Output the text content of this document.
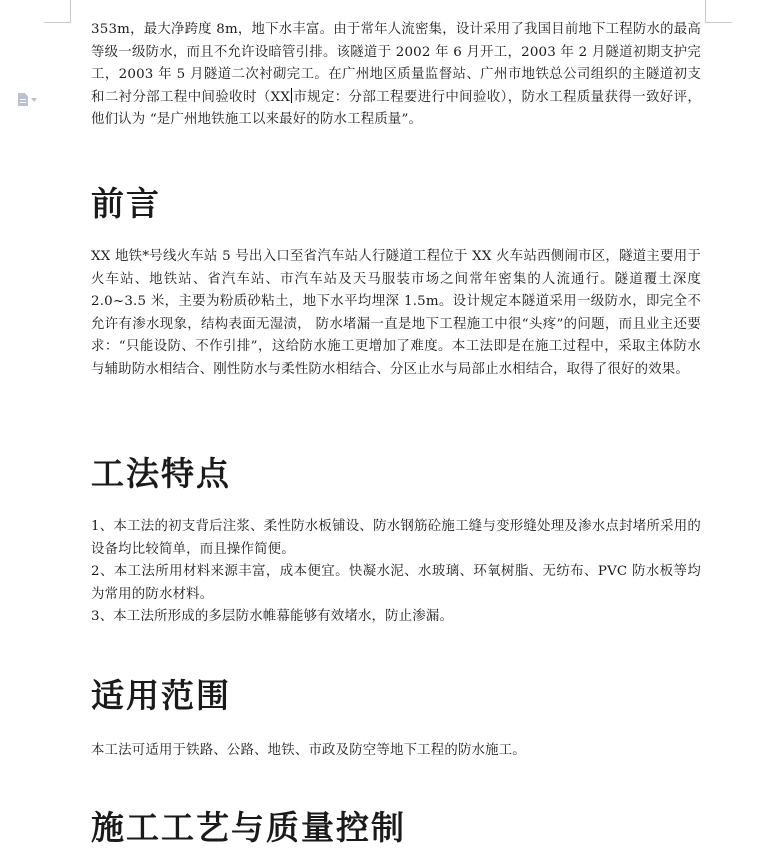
353m，最大净跨度 8m，地下水丰富。由于常年人流密集，设计采用了我国目前地下工程防水的最高等级一级防水，而且不允许设暗管引排。该隧道于 2002 年 6 月开工，2003 年 2 月隧道初期支护完工，2003 年 5 月隧道二次衬砌完工。在广州地区质量监督站、广州市地铁总公司组织的主隧道初支和二衬分部工程中间验收时（XX 市规定：分部工程要进行中间验收），防水工程质量获得一致好评，他们认为 “是广州地铁施工以来最好的防水工程质量”。

前言

XX 地铁*号线火车站 5 号出入口至省汽车站人行隧道工程位于 XX 火车站西侧闹市区，隧道主要用于火车站、地铁站、省汽车站、市汽车站及天马服装市场之间常年密集的人流通行。隧道覆土深度 2.0~3.5 米，主要为粉质砂粘土，地下水平均埋深 1.5m。设计规定本隧道采用一级防水，即完全不允许有渗水现象，结构表面无湿渍， 防水堵漏一直是地下工程施工中很“头疼”的问题，而且业主还要求：“只能设防、不作引排”，这给防水施工更增加了难度。本工法即是在施工过程中，采取主体防水与辅助防水相结合、刚性防水与柔性防水相结合、分区止水与局部止水相结合，取得了很好的效果。

工法特点

1、本工法的初支背后注浆、柔性防水板铺设、防水钢筋砼施工缝与变形缝处理及渗水点封堵所采用的设备均比较简单，而且操作简便。

2、本工法所用材料来源丰富，成本便宜。快凝水泥、水玻璃、环氧树脂、无纺布、PVC 防水板等均为常用的防水材料。

3、本工法所形成的多层防水帷幕能够有效堵水，防止渗漏。

适用范围

本工法可适用于铁路、公路、地铁、市政及防空等地下工程的防水施工。

施工工艺与质量控制
